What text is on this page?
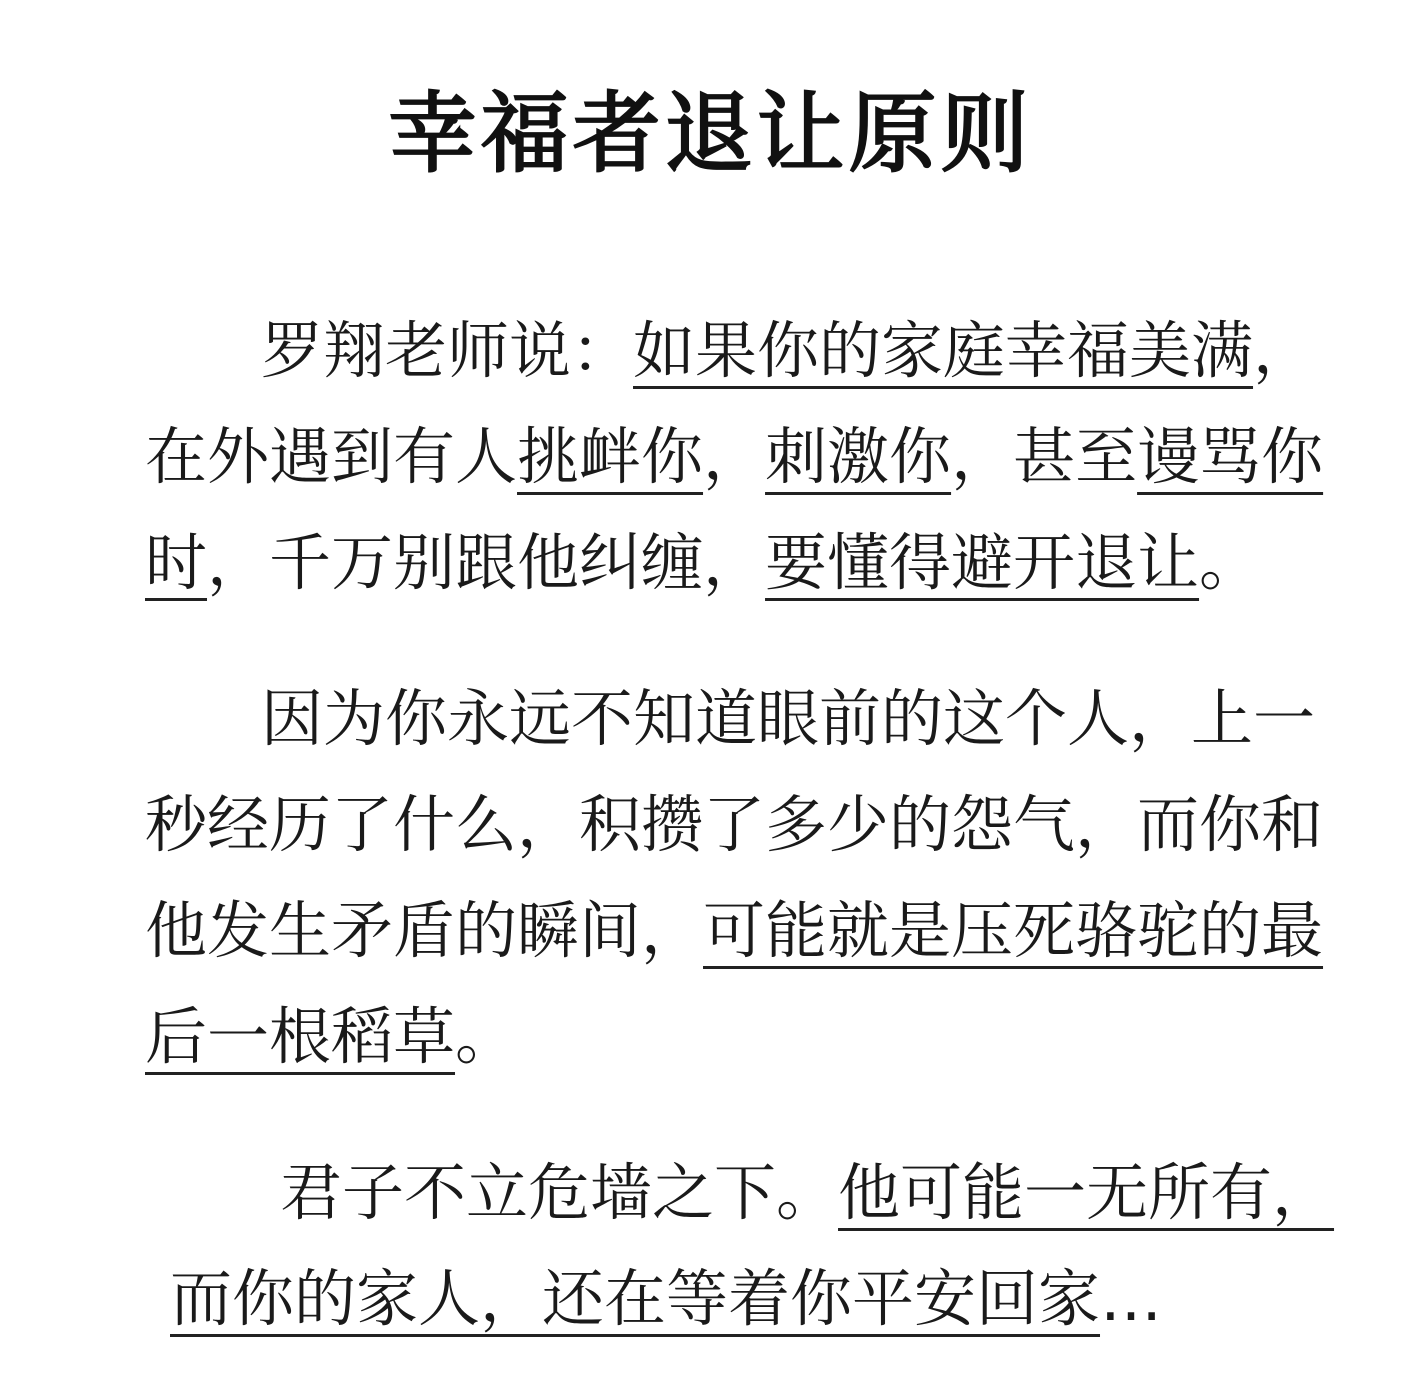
幸福者退让原则

罗翔老师说：如果你的家庭幸福美满，在外遇到有人挑衅你，刺激你，甚至谩骂你时，千万别跟他纠缠，要懂得避开退让。

因为你永远不知道眼前的这个人，上一秒经历了什么，积攒了多少的怨气，而你和他发生矛盾的瞬间，可能就是压死骆驼的最后一根稻草。

君子不立危墙之下。他可能一无所有，而你的家人，还在等着你平安回家…
